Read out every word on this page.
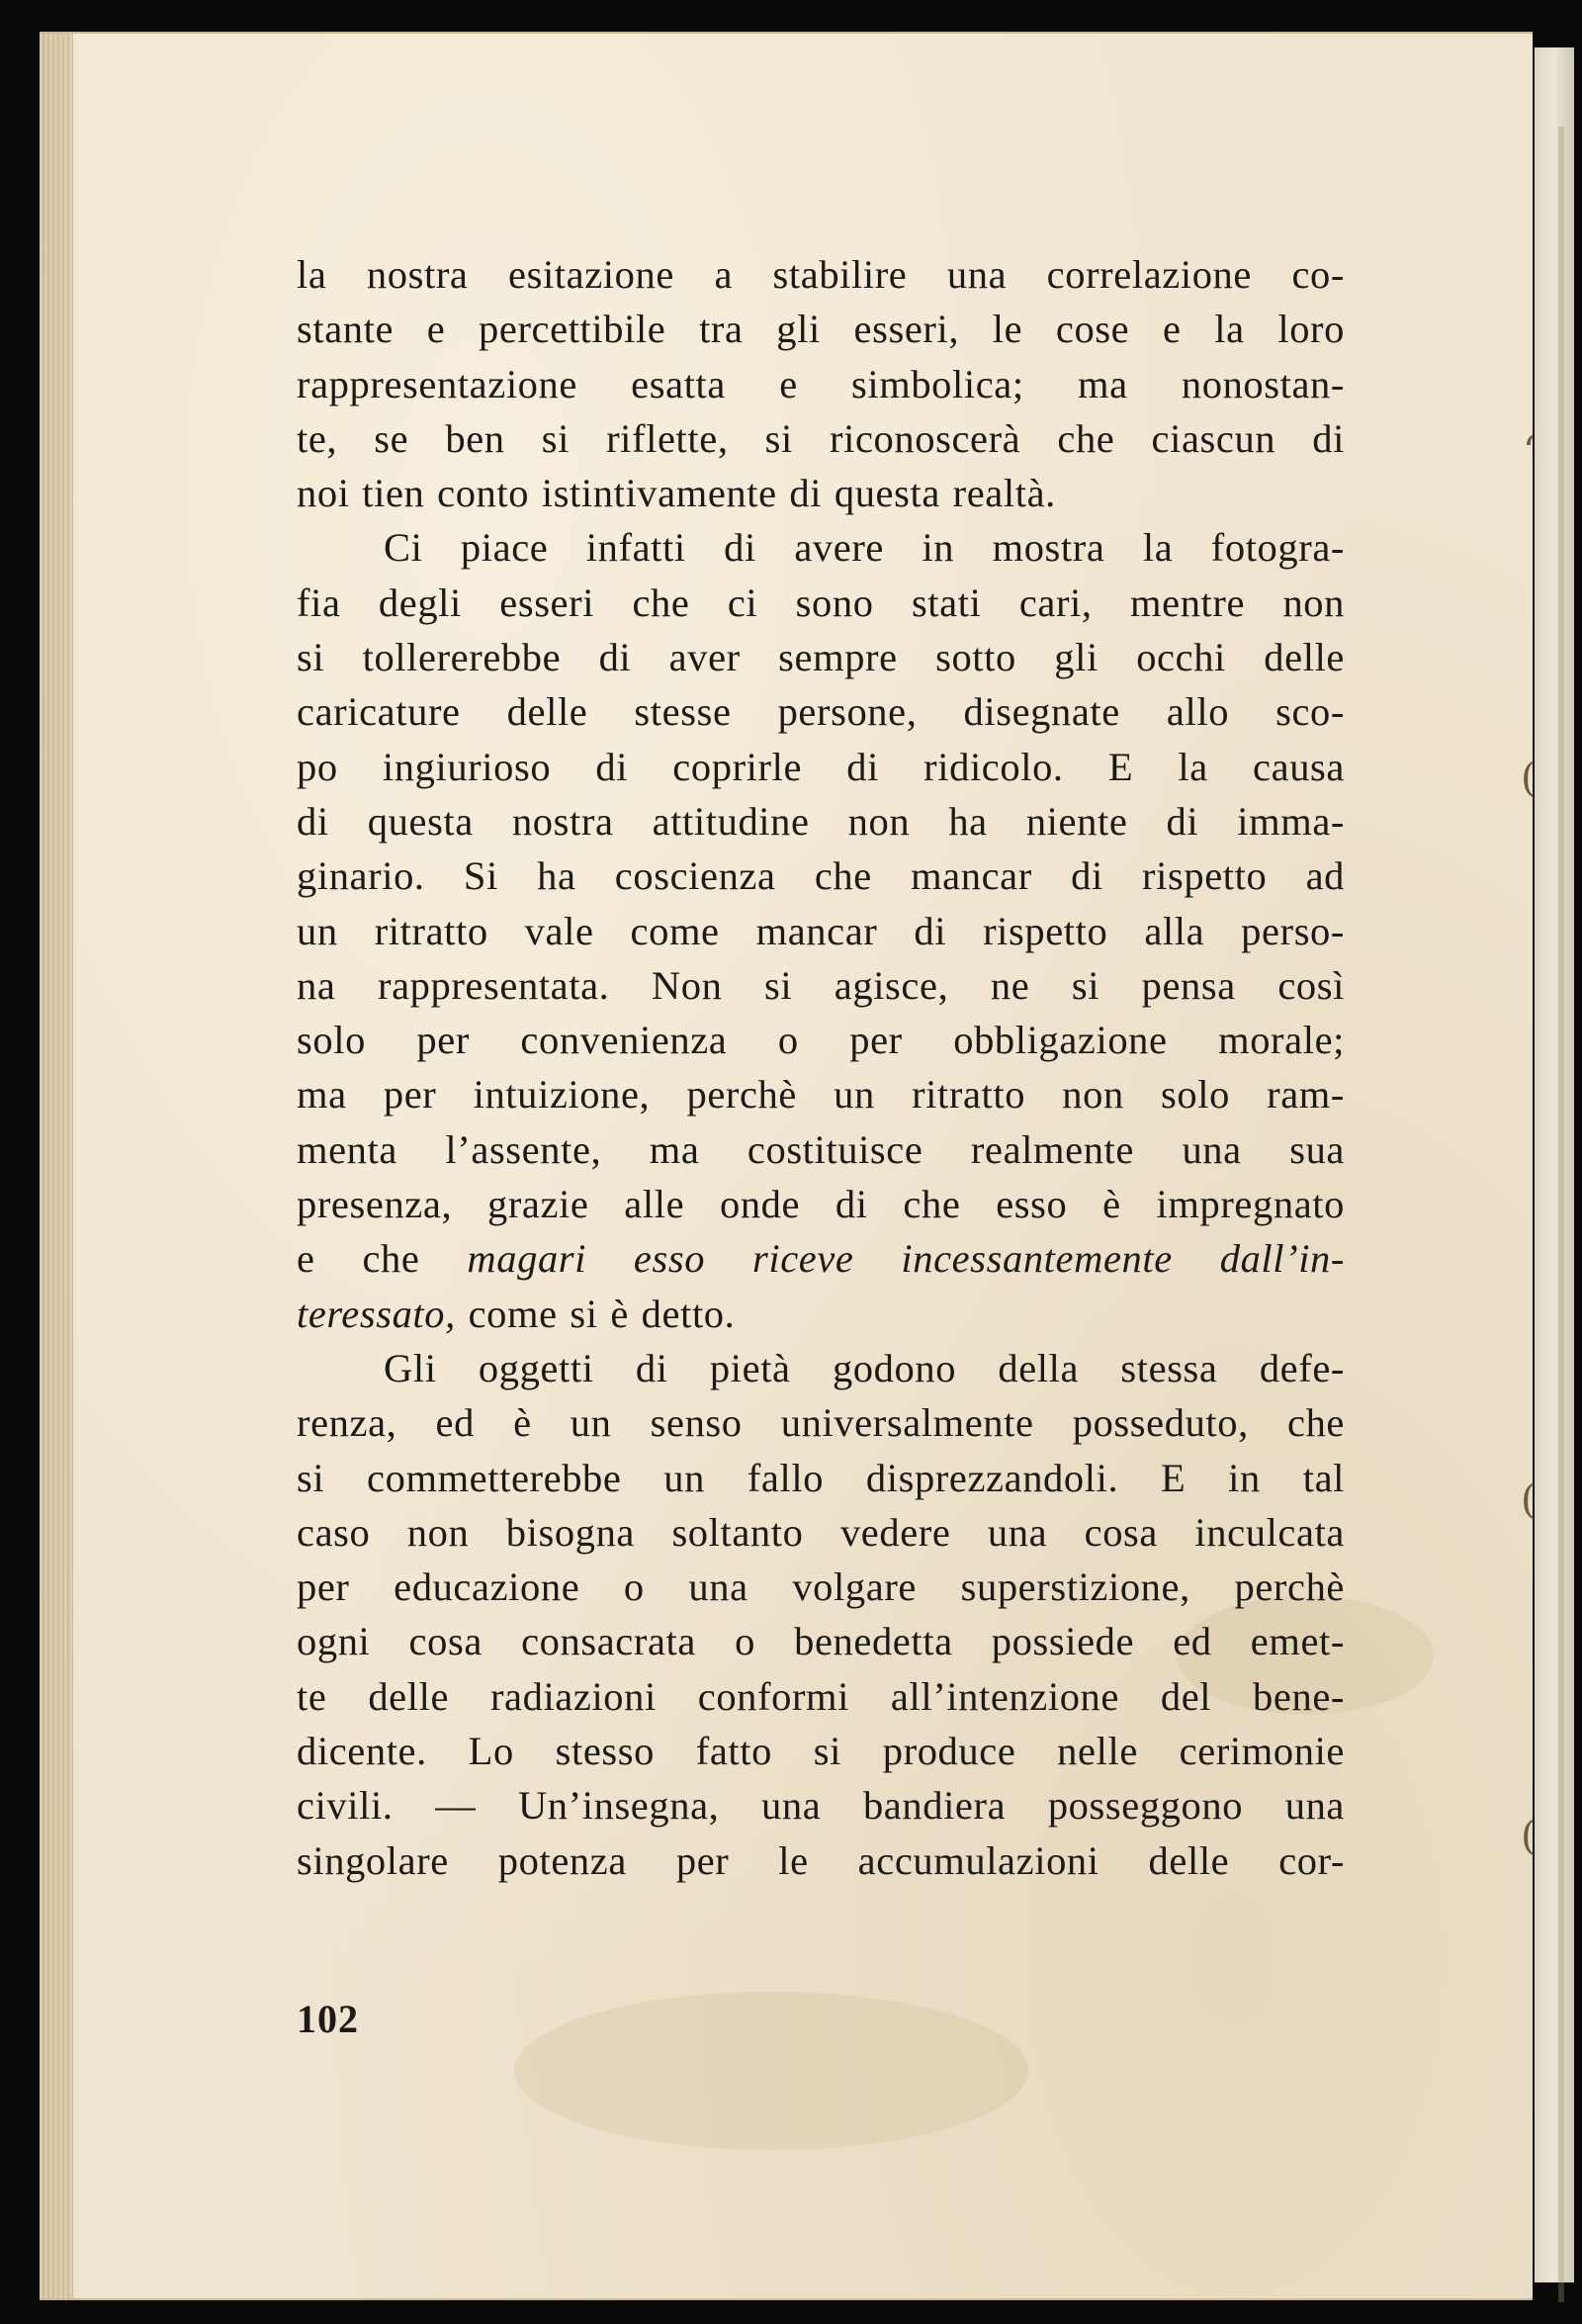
‘
(
(
(

la nostra esitazione a stabilire una correlazione co-
stante e percettibile tra gli esseri, le cose e la loro
rappresentazione esatta e simbolica; ma nonostan-
te, se ben si riflette, si riconoscerà che ciascun di
noi tien conto istintivamente di questa realtà.

Ci piace infatti di avere in mostra la fotogra-
fia degli esseri che ci sono stati cari, mentre non
si tollererebbe di aver sempre sotto gli occhi delle
caricature delle stesse persone, disegnate allo sco-
po ingiurioso di coprirle di ridicolo. E la causa
di questa nostra attitudine non ha niente di imma-
ginario. Si ha coscienza che mancar di rispetto ad
un ritratto vale come mancar di rispetto alla perso-
na rappresentata. Non si agisce, ne si pensa così
solo per convenienza o per obbligazione morale;
ma per intuizione, perchè un ritratto non solo ram-
menta l’assente, ma costituisce realmente una sua
presenza, grazie alle onde di che esso è impregnato
e che magari esso riceve incessantemente dall’in-
teressato, come si è detto.

Gli oggetti di pietà godono della stessa defe-
renza, ed è un senso universalmente posseduto, che
si commetterebbe un fallo disprezzandoli. E in tal
caso non bisogna soltanto vedere una cosa inculcata
per educazione o una volgare superstizione, perchè
ogni cosa consacrata o benedetta possiede ed emet-
te delle radiazioni conformi all’intenzione del bene-
dicente. Lo stesso fatto si produce nelle cerimonie
civili. — Un’insegna, una bandiera posseggono una
singolare potenza per le accumulazioni delle cor-

102
